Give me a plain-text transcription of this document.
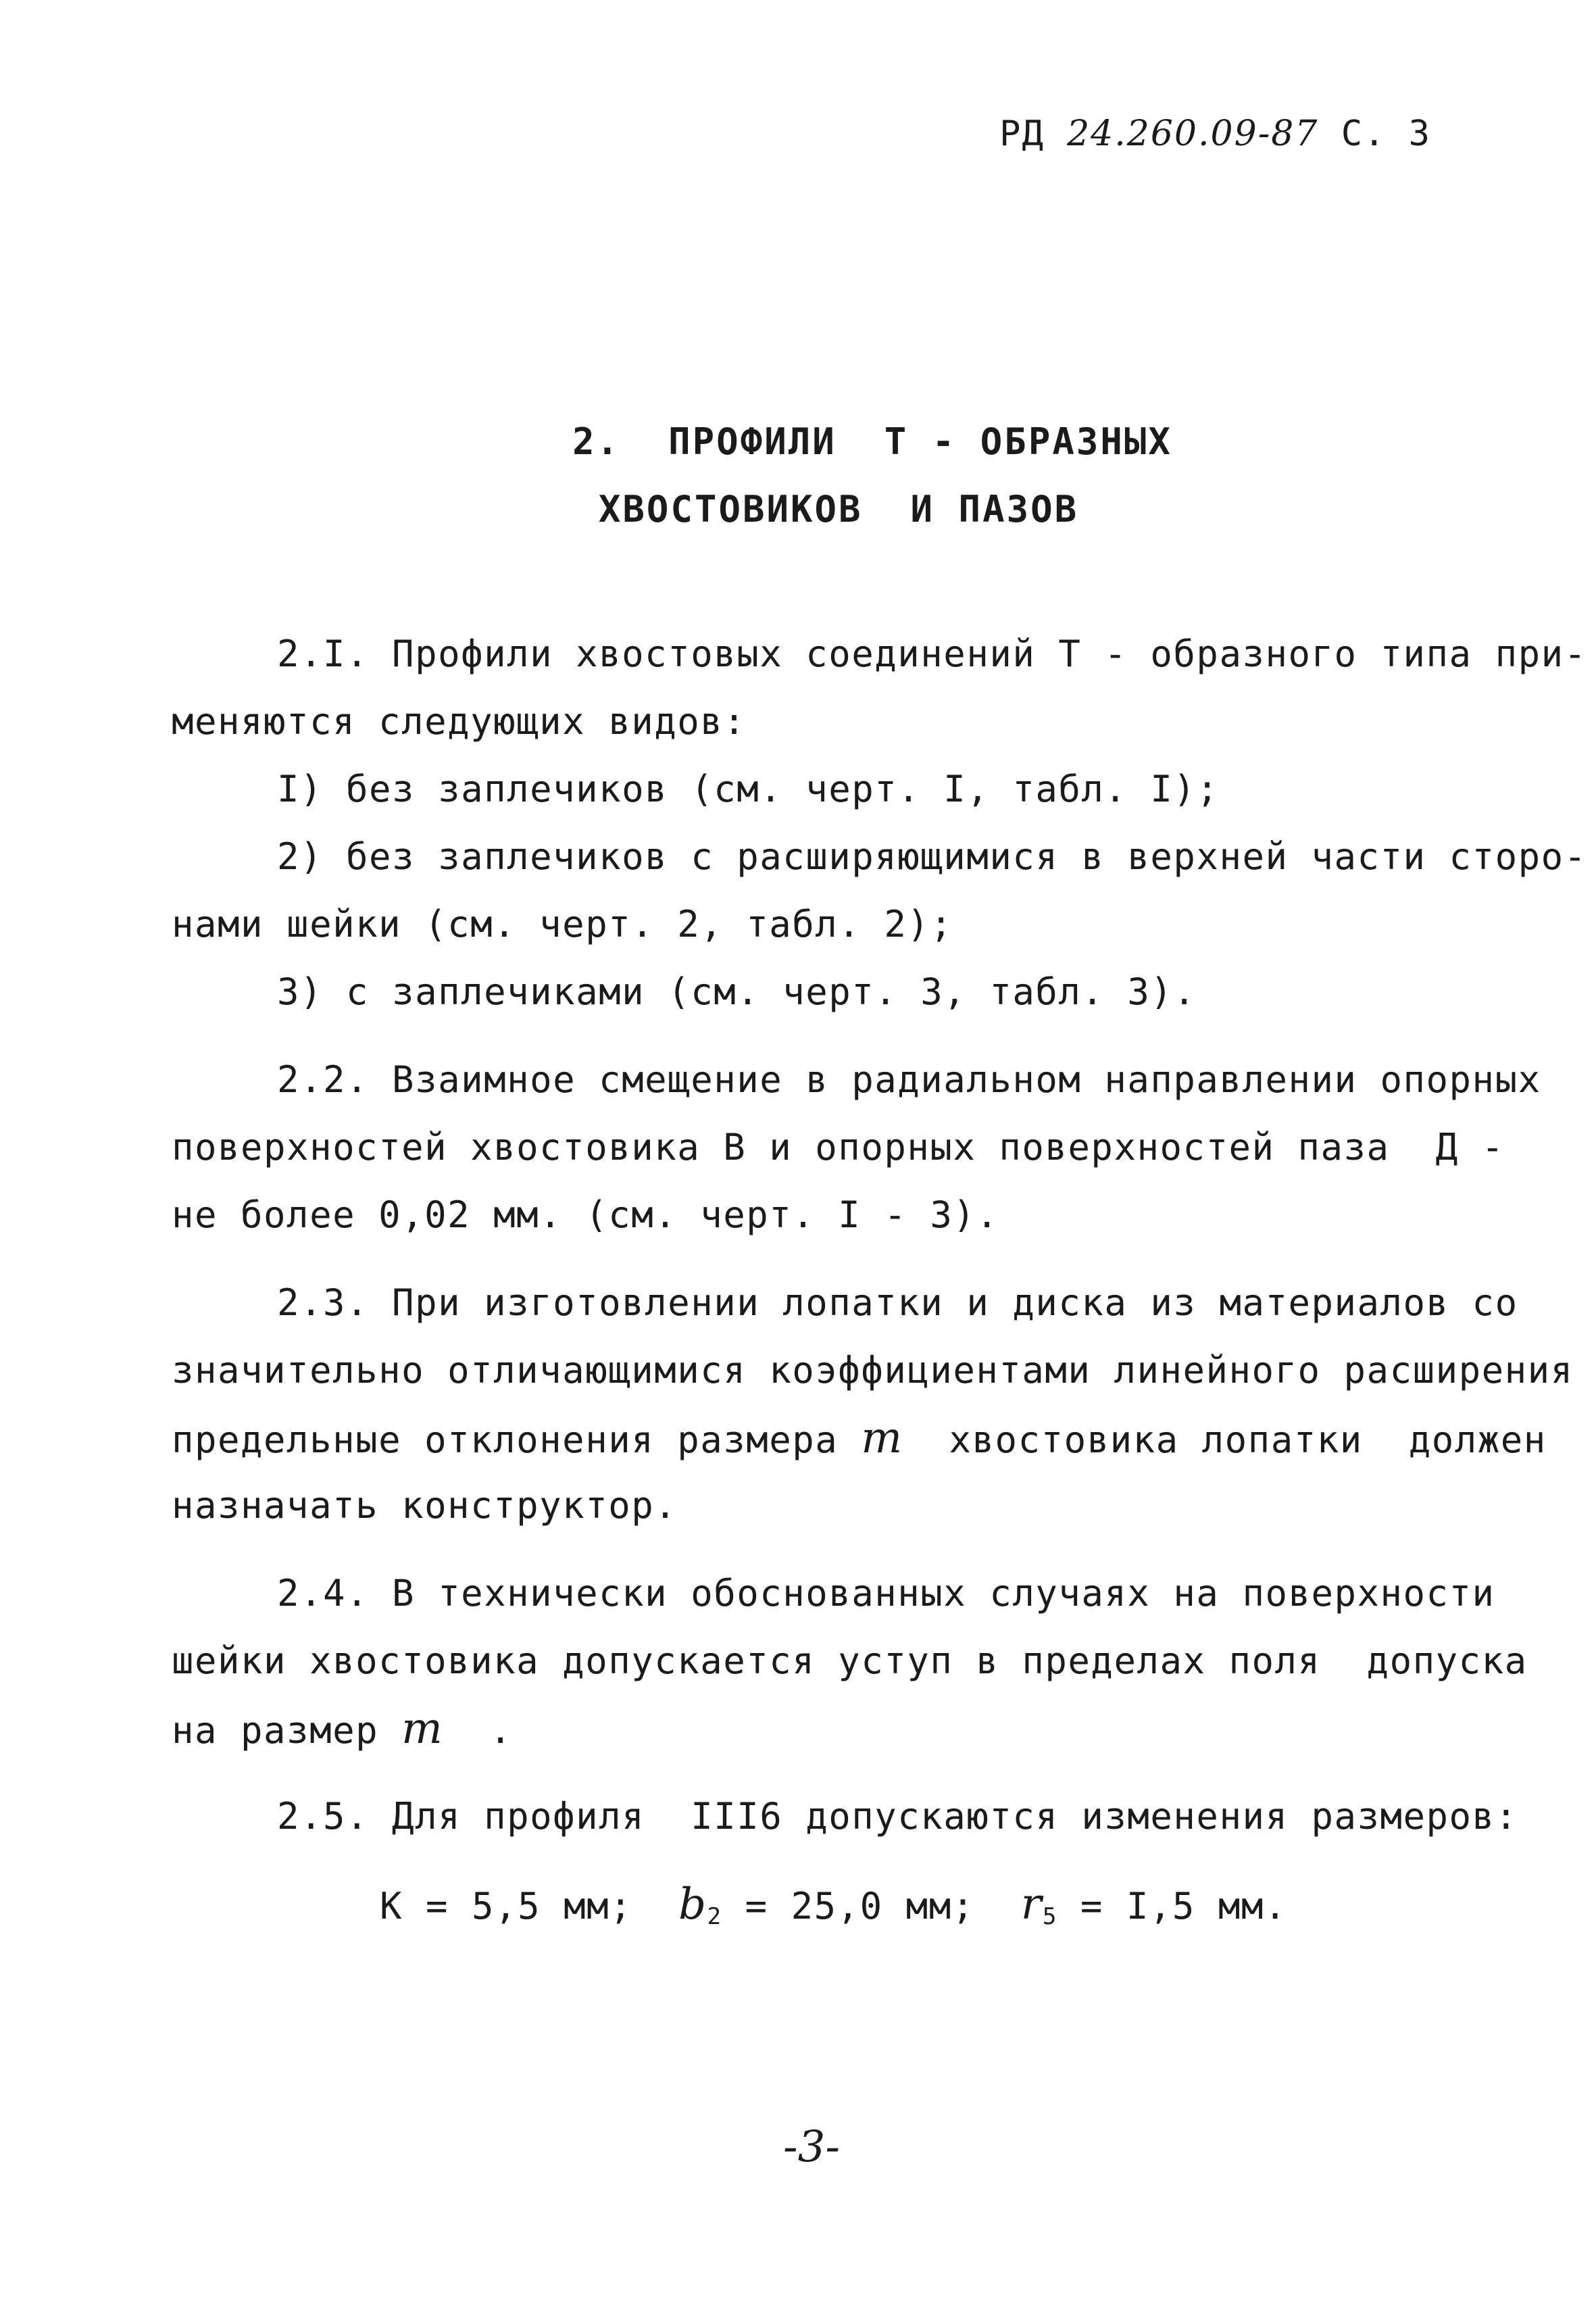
РД 24.260.09-87 С. 3
2.  ПРОФИЛИ  Т - ОБРАЗНЫХ
ХВОСТОВИКОВ  И ПАЗОВ
2.I. Профили хвостовых соединений Т - образного типа при-
меняются следующих видов:
I) без заплечиков (см. черт. I, табл. I);
2) без заплечиков с расширяющимися в верхней части сторо-
нами шейки (см. черт. 2, табл. 2);
3) с заплечиками (см. черт. 3, табл. 3).
2.2. Взаимное смещение в радиальном направлении опорных
поверхностей хвостовика В и опорных поверхностей паза  Д -
не более 0,02 мм. (см. черт. I - 3).
2.3. При изготовлении лопатки и диска из материалов со
значительно отличающимися коэффициентами линейного расширения
предельные отклонения размера m  хвостовика лопатки  должен
назначать конструктор.
2.4. В технически обоснованных случаях на поверхности
шейки хвостовика допускается уступ в пределах поля  допуска
на размер m  .
2.5. Для профиля  III6 допускаются изменения размеров:
К = 5,5 мм;  $b_2 = 25,0$ мм;  $r_5 = I,5$ мм.
-3-
